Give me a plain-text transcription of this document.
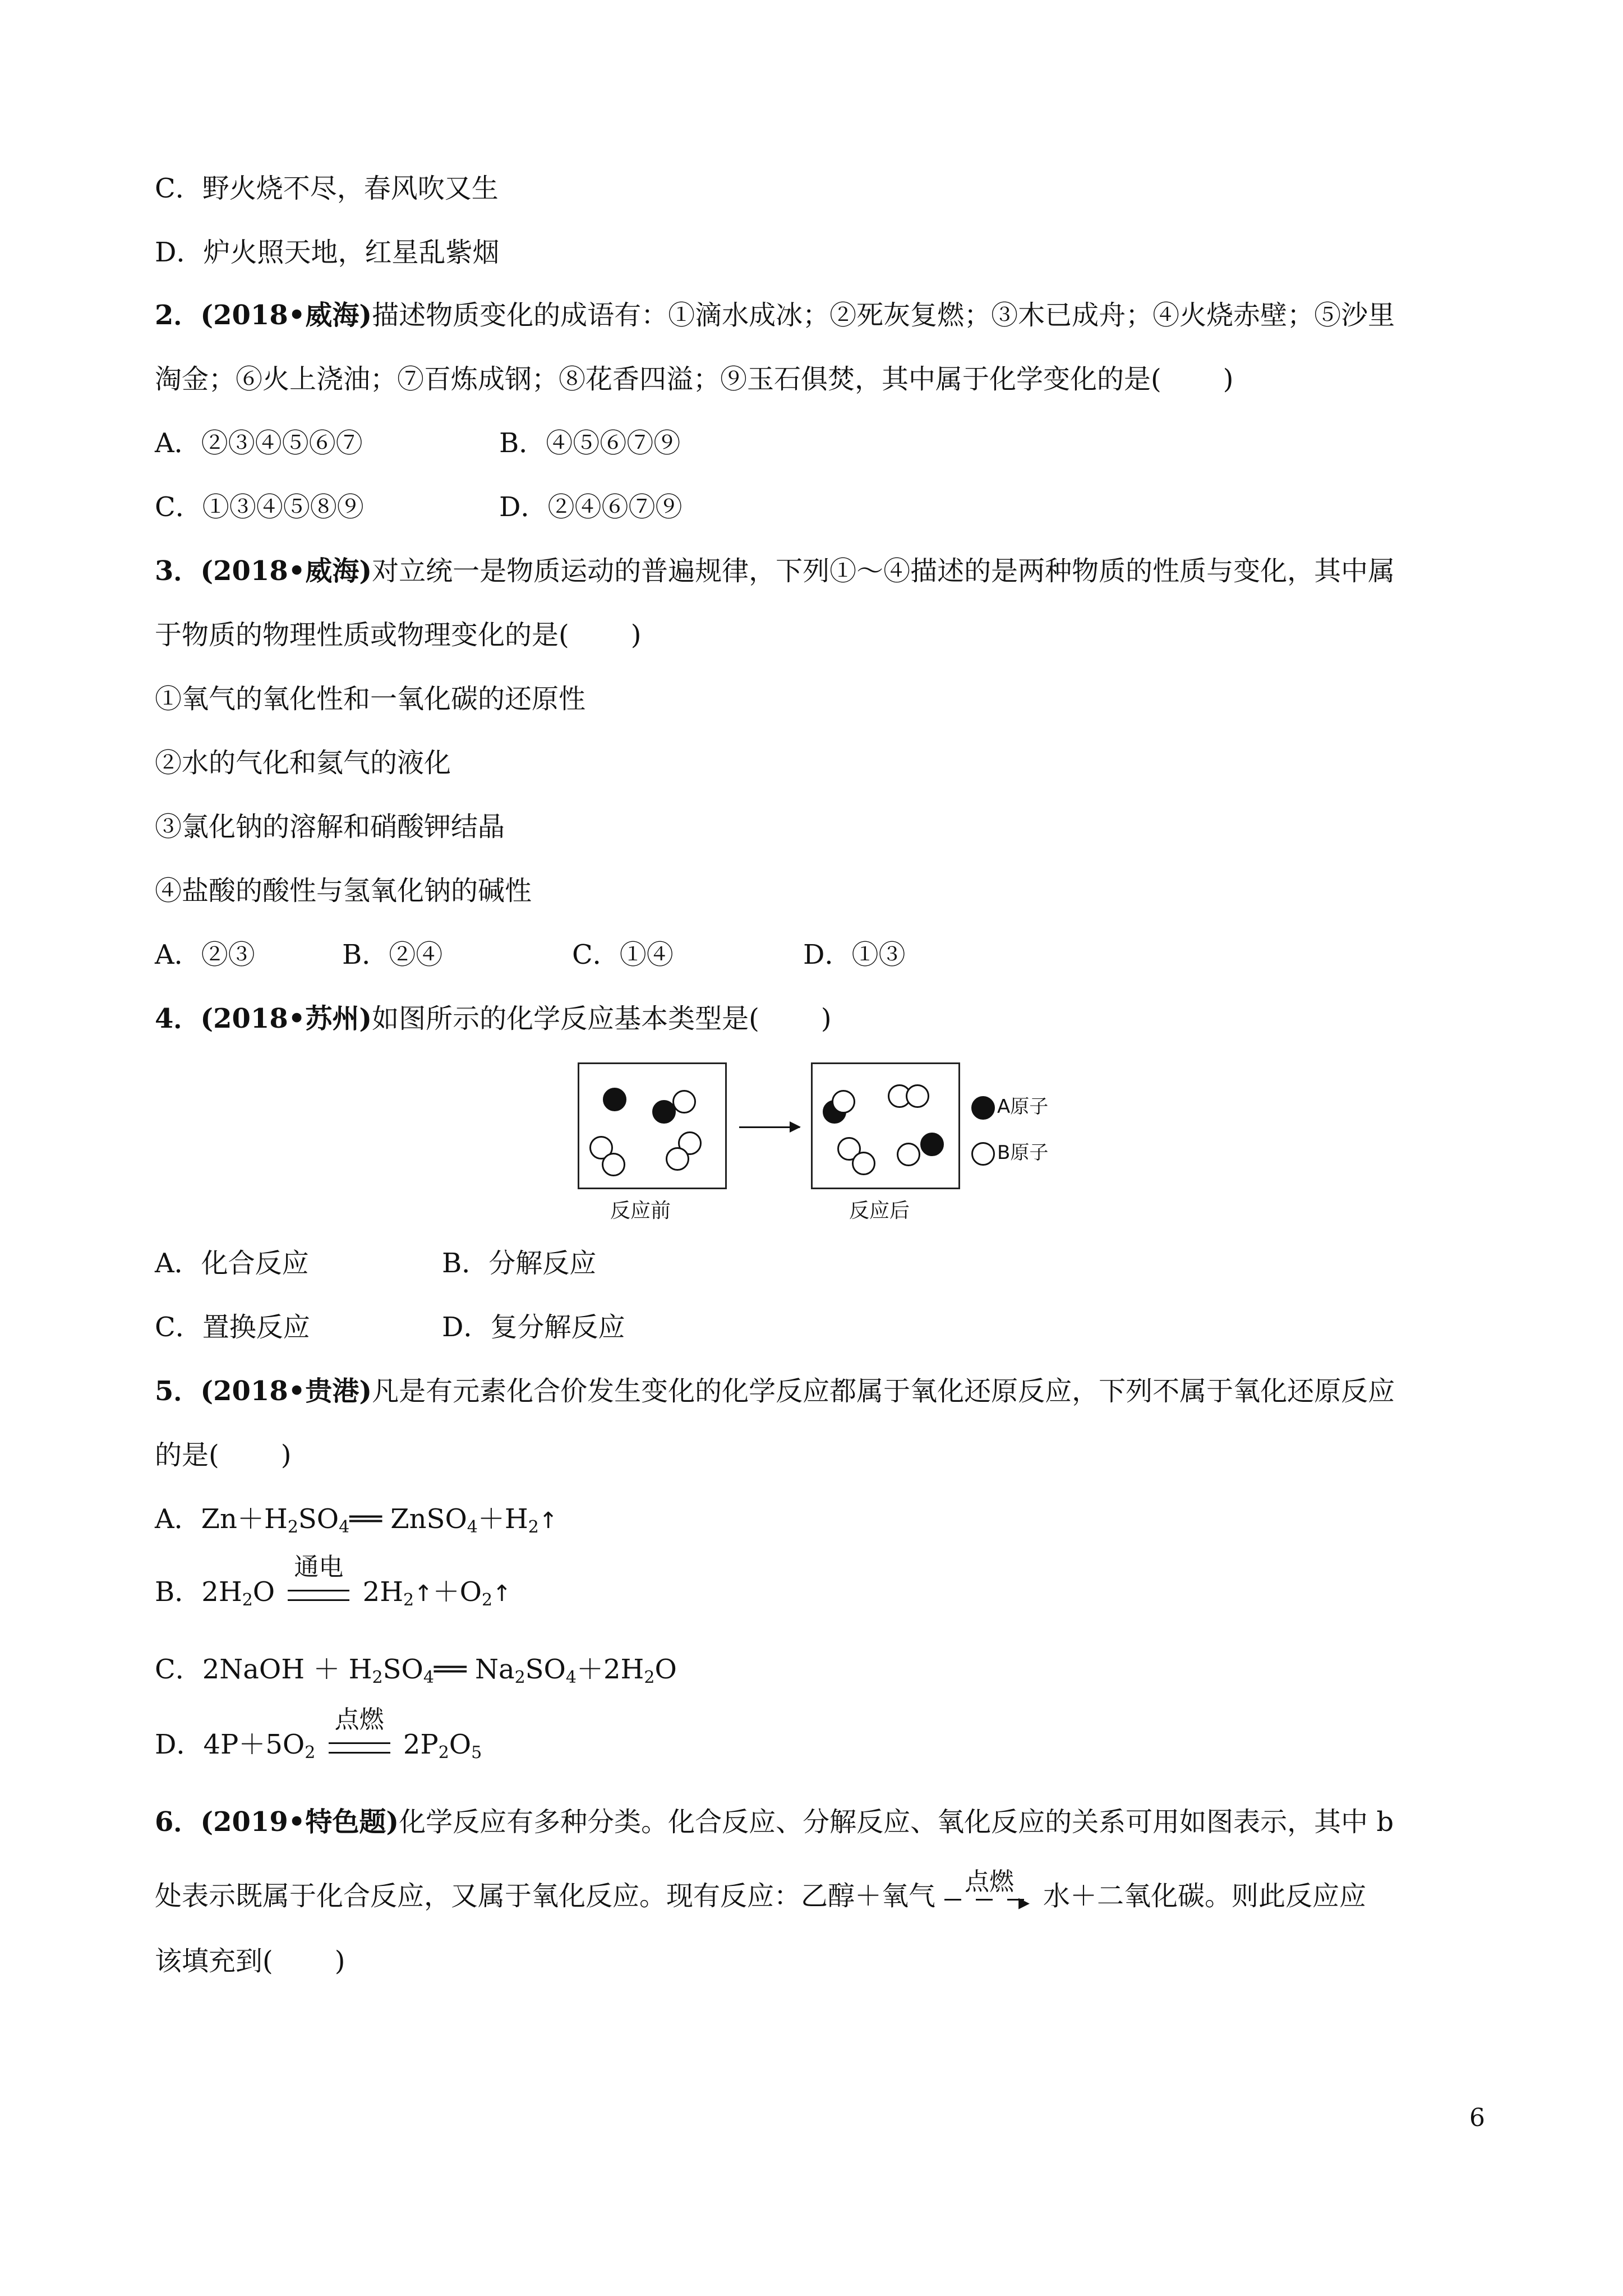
C．野火烧不尽，春风吹又生
D．炉火照天地，红星乱紫烟
2．(2018•威海)描述物质变化的成语有：①滴水成冰；②死灰复燃；③木已成舟；④火烧赤壁；⑤沙里
淘金；⑥火上浇油；⑦百炼成钢；⑧花香四溢；⑨玉石俱焚，其中属于化学变化的是( )
A．②③④⑤⑥⑦	B．④⑤⑥⑦⑨
C．①③④⑤⑧⑨	D．②④⑥⑦⑨
3．(2018•威海)对立统一是物质运动的普遍规律，下列①～④描述的是两种物质的性质与变化，其中属
于物质的物理性质或物理变化的是( )
①氧气的氧化性和一氧化碳的还原性
②水的气化和氦气的液化
③氯化钠的溶解和硝酸钾结晶
④盐酸的酸性与氢氧化钠的碱性
A．②③	B．②④	C．①④	D．①③
4．(2018•苏州)如图所示的化学反应基本类型是( )
反应前	反应后
A原子
B原子
A．化合反应	B．分解反应
C．置换反应	D．复分解反应
5．(2018•贵港)凡是有元素化合价发生变化的化学反应都属于氧化还原反应，下列不属于氧化还原反应
的是( )
A．$Zn+H_2SO_4══$ $ZnSO_4+H_2↑$
B．$2H_2O$
通电
$2H_2↑+O_2↑$
C．2NaOH ＋ $H_2SO_4══$ $Na_2SO_4+2H_2O$
D．$4P+5O_2$
点燃
$2P_2O_5$
6．(2019•特色题)化学反应有多种分类。化合反应、分解反应、氧化反应的关系可用如图表示，其中 b
处表示既属于化合反应，又属于氧化反应。现有反应：乙醇＋氧气	点燃
▸ 水＋二氧化碳。则此反应应
该填充到( )
6
